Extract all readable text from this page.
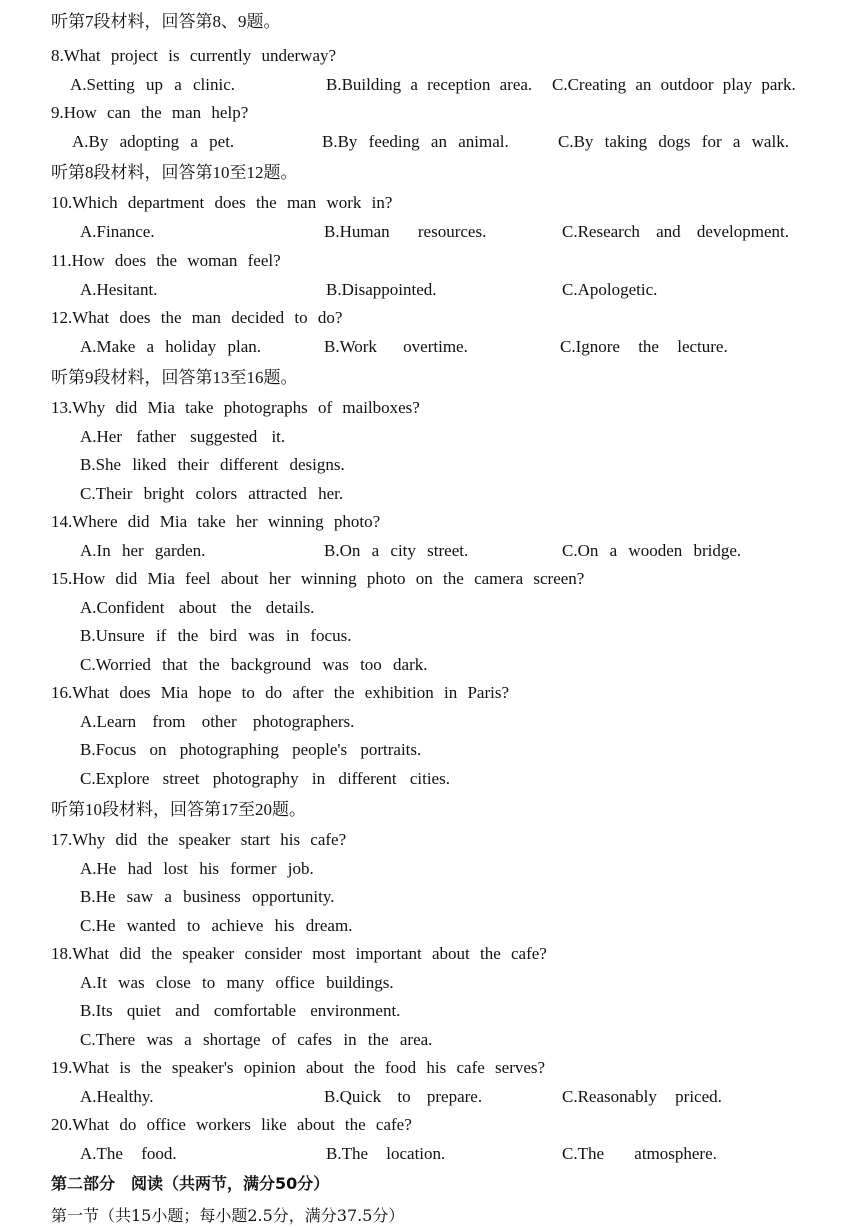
听第7段材料，回答第8、9题。
8.What project is currently underway?
A.Setting up a clinic.	B.Building a reception area. C.Creating an outdoor play park.
9.How can the man help?
A.By adopting a pet.	B.By feeding an animal.	C.By taking dogs for a walk.
听第8段材料，回答第10至12题。
10.Which department does the man work in?
A.Finance.	B.Human resources.	C.Research and development.
11.How does the woman feel?
A.Hesitant.	B.Disappointed.	C.Apologetic.
12.What does the man decided to do?
A.Make a holiday plan.	B.Work overtime.	C.Ignore the lecture.
听第9段材料，回答第13至16题。
13.Why did Mia take photographs of mailboxes?
A.Her father suggested it.
B.She liked their different designs.
C.Their bright colors attracted her.
14.Where did Mia take her winning photo?
A.In her garden.	B.On a city street.	C.On a wooden bridge.
15.How did Mia feel about her winning photo on the camera screen?
A.Confident about the details.
B.Unsure if the bird was in focus.
C.Worried that the background was too dark.
16.What does Mia hope to do after the exhibition in Paris?
A.Learn from other photographers.
B.Focus on photographing people's portraits.
C.Explore street photography in different cities.
听第10段材料，回答第17至20题。
17.Why did the speaker start his cafe?
A.He had lost his former job.
B.He saw a business opportunity.
C.He wanted to achieve his dream.
18.What did the speaker consider most important about the cafe?
A.It was close to many office buildings.
B.Its quiet and comfortable environment.
C.There was a shortage of cafes in the area.
19.What is the speaker's opinion about the food his cafe serves?
A.Healthy.	B.Quick to prepare.	C.Reasonably priced.
20.What do office workers like about the cafe?
A.The food.	B.The location.	C.The atmosphere.
第二部分　阅读（共两节，满分50分）
第一节（共15小题；每小题2.5分，满分37.5分）
